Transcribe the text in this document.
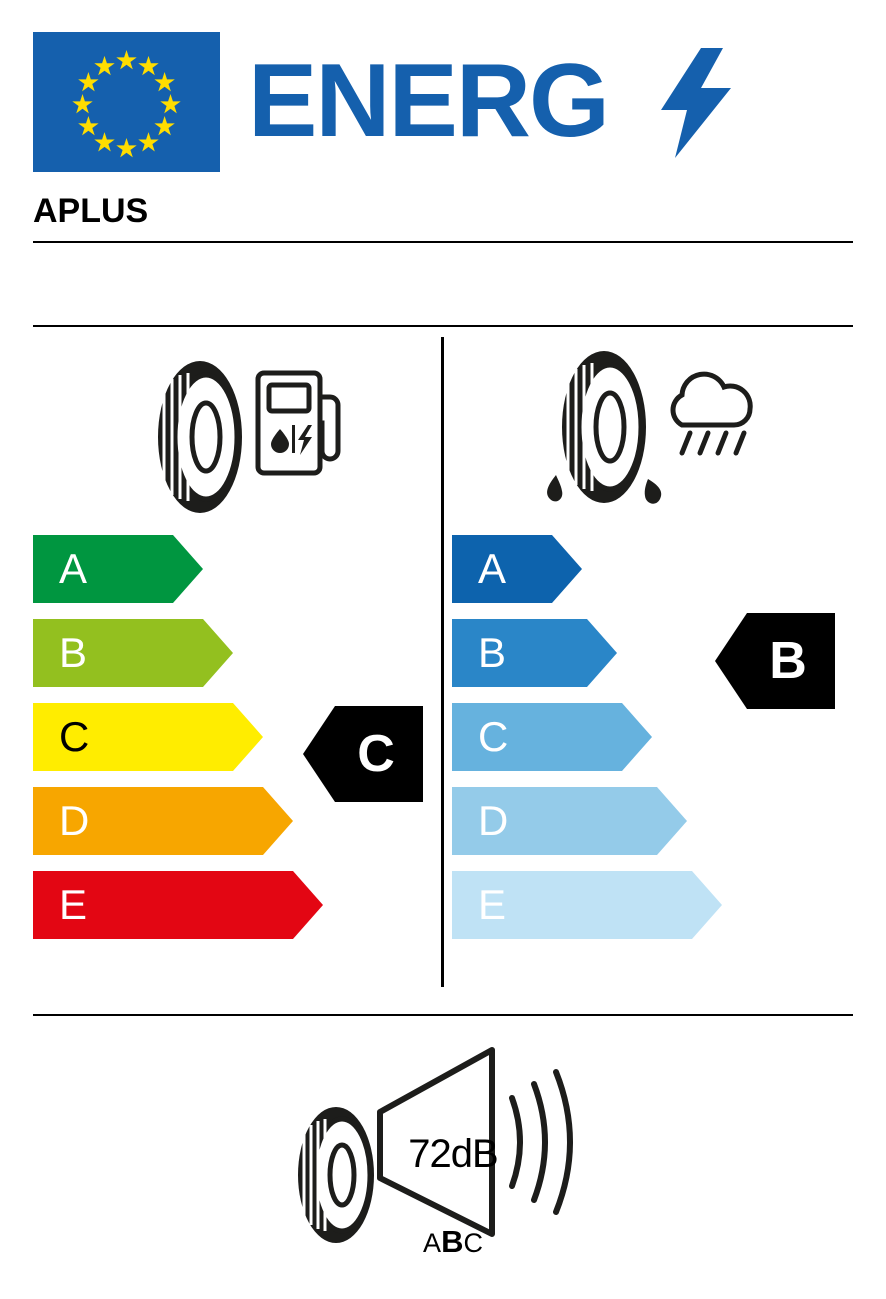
ENERG
APLUS
A
B
C
D
E
C
A
B
C
D
E
B
72dB
ABC
